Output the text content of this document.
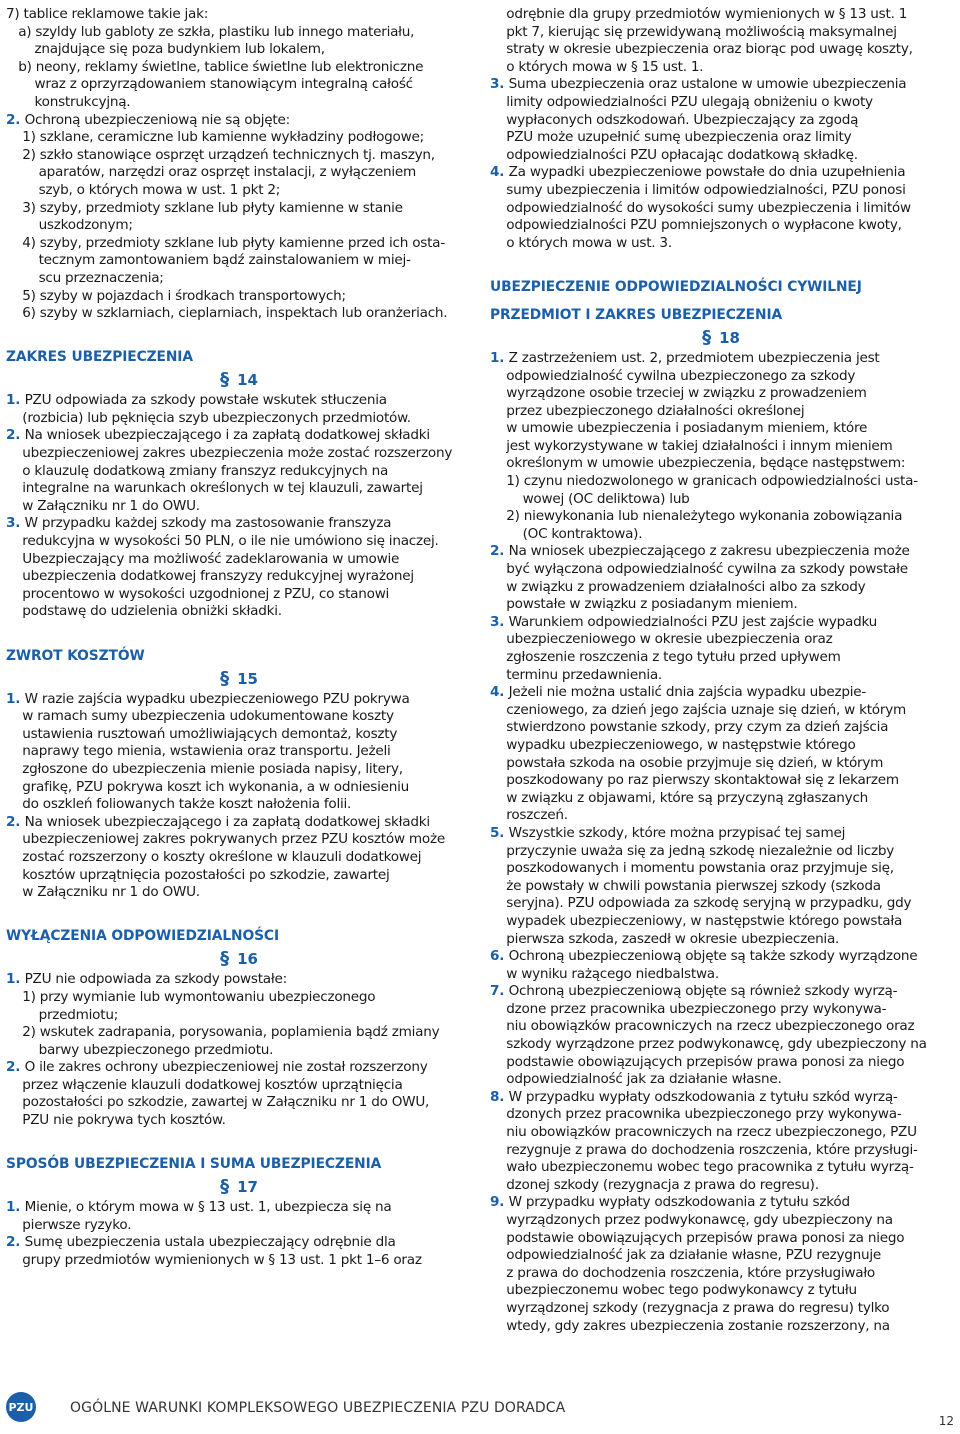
7) tablice reklamowe takie jak:
a) szyldy lub gabloty ze szkła, plastiku lub innego materiału,
znajdujące się poza budynkiem lub lokalem,
b) neony, reklamy świetlne, tablice świetlne lub elektroniczne
wraz z oprzyrządowaniem stanowiącym integralną całość
konstrukcyjną.
2. Ochroną ubezpieczeniową nie są objęte:
1) szklane, ceramiczne lub kamienne wykładziny podłogowe;
2) szkło stanowiące osprzęt urządzeń technicznych tj. maszyn,
aparatów, narzędzi oraz osprzęt instalacji, z wyłączeniem
szyb, o których mowa w ust. 1 pkt 2;
3) szyby, przedmioty szklane lub płyty kamienne w stanie
uszkodzonym;
4) szyby, przedmioty szklane lub płyty kamienne przed ich osta-
tecznym zamontowaniem bądź zainstalowaniem w miej-
scu przeznaczenia;
5) szyby w pojazdach i środkach transportowych;
6) szyby w szklarniach, cieplarniach, inspektach lub oranżeriach.
ZAKRES UBEZPIECZENIA
§ 14
1. PZU odpowiada za szkody powstałe wskutek stłuczenia
(rozbicia) lub pęknięcia szyb ubezpieczonych przedmiotów.
2. Na wniosek ubezpieczającego i za zapłatą dodatkowej składki
ubezpieczeniowej zakres ubezpieczenia może zostać rozszerzony
o klauzulę dodatkową zmiany franszyz redukcyjnych na
integralne na warunkach określonych w tej klauzuli, zawartej
w Załączniku nr 1 do OWU.
3. W przypadku każdej szkody ma zastosowanie franszyza
redukcyjna w wysokości 50 PLN, o ile nie umówiono się inaczej.
Ubezpieczający ma możliwość zadeklarowania w umowie
ubezpieczenia dodatkowej franszyzy redukcyjnej wyrażonej
procentowo w wysokości uzgodnionej z PZU, co stanowi
podstawę do udzielenia obniżki składki.
ZWROT KOSZTÓW
§ 15
1. W razie zajścia wypadku ubezpieczeniowego PZU pokrywa
w ramach sumy ubezpieczenia udokumentowane koszty
ustawienia rusztowań umożliwiających demontaż, koszty
naprawy tego mienia, wstawienia oraz transportu. Jeżeli
zgłoszone do ubezpieczenia mienie posiada napisy, litery,
grafikę, PZU pokrywa koszt ich wykonania, a w odniesieniu
do oszkleń foliowanych także koszt nałożenia folii.
2. Na wniosek ubezpieczającego i za zapłatą dodatkowej składki
ubezpieczeniowej zakres pokrywanych przez PZU kosztów może
zostać rozszerzony o koszty określone w klauzuli dodatkowej
kosztów uprzątnięcia pozostałości po szkodzie, zawartej
w Załączniku nr 1 do OWU.
WYŁĄCZENIA ODPOWIEDZIALNOŚCI
§ 16
1. PZU nie odpowiada za szkody powstałe:
1) przy wymianie lub wymontowaniu ubezpieczonego
przedmiotu;
2) wskutek zadrapania, porysowania, poplamienia bądź zmiany
barwy ubezpieczonego przedmiotu.
2. O ile zakres ochrony ubezpieczeniowej nie został rozszerzony
przez włączenie klauzuli dodatkowej kosztów uprzątnięcia
pozostałości po szkodzie, zawartej w Załączniku nr 1 do OWU,
PZU nie pokrywa tych kosztów.
SPOSÓB UBEZPIECZENIA I SUMA UBEZPIECZENIA
§ 17
1. Mienie, o którym mowa w § 13 ust. 1, ubezpiecza się na
pierwsze ryzyko.
2. Sumę ubezpieczenia ustala ubezpieczający odrębnie dla
grupy przedmiotów wymienionych w § 13 ust. 1 pkt 1–6 oraz
odrębnie dla grupy przedmiotów wymienionych w § 13 ust. 1
pkt 7, kierując się przewidywaną możliwością maksymalnej
straty w okresie ubezpieczenia oraz biorąc pod uwagę koszty,
o których mowa w § 15 ust. 1.
3. Suma ubezpieczenia oraz ustalone w umowie ubezpieczenia
limity odpowiedzialności PZU ulegają obniżeniu o kwoty
wypłaconych odszkodowań. Ubezpieczający za zgodą
PZU może uzupełnić sumę ubezpieczenia oraz limity
odpowiedzialności PZU opłacając dodatkową składkę.
4. Za wypadki ubezpieczeniowe powstałe do dnia uzupełnienia
sumy ubezpieczenia i limitów odpowiedzialności, PZU ponosi
odpowiedzialność do wysokości sumy ubezpieczenia i limitów
odpowiedzialności PZU pomniejszonych o wypłacone kwoty,
o których mowa w ust. 3.
UBEZPIECZENIE ODPOWIEDZIALNOŚCI CYWILNEJ
PRZEDMIOT I ZAKRES UBEZPIECZENIA
§ 18
1. Z zastrzeżeniem ust. 2, przedmiotem ubezpieczenia jest
odpowiedzialność cywilna ubezpieczonego za szkody
wyrządzone osobie trzeciej w związku z prowadzeniem
przez ubezpieczonego działalności określonej
w umowie ubezpieczenia i posiadanym mieniem, które
jest wykorzystywane w takiej działalności i innym mieniem
określonym w umowie ubezpieczenia, będące następstwem:
1) czynu niedozwolonego w granicach odpowiedzialności usta-
wowej (OC deliktowa) lub
2) niewykonania lub nienależytego wykonania zobowiązania
(OC kontraktowa).
2. Na wniosek ubezpieczającego z zakresu ubezpieczenia może
być wyłączona odpowiedzialność cywilna za szkody powstałe
w związku z prowadzeniem działalności albo za szkody
powstałe w związku z posiadanym mieniem.
3. Warunkiem odpowiedzialności PZU jest zajście wypadku
ubezpieczeniowego w okresie ubezpieczenia oraz
zgłoszenie roszczenia z tego tytułu przed upływem
terminu przedawnienia.
4. Jeżeli nie można ustalić dnia zajścia wypadku ubezpie-
czeniowego, za dzień jego zajścia uznaje się dzień, w którym
stwierdzono powstanie szkody, przy czym za dzień zajścia
wypadku ubezpieczeniowego, w następstwie którego
powstała szkoda na osobie przyjmuje się dzień, w którym
poszkodowany po raz pierwszy skontaktował się z lekarzem
w związku z objawami, które są przyczyną zgłaszanych
roszczeń.
5. Wszystkie szkody, które można przypisać tej samej
przyczynie uważa się za jedną szkodę niezależnie od liczby
poszkodowanych i momentu powstania oraz przyjmuje się,
że powstały w chwili powstania pierwszej szkody (szkoda
seryjna). PZU odpowiada za szkodę seryjną w przypadku, gdy
wypadek ubezpieczeniowy, w następstwie którego powstała
pierwsza szkoda, zaszedł w okresie ubezpieczenia.
6. Ochroną ubezpieczeniową objęte są także szkody wyrządzone
w wyniku rażącego niedbalstwa.
7. Ochroną ubezpieczeniową objęte są również szkody wyrzą-
dzone przez pracownika ubezpieczonego przy wykonywa-
niu obowiązków pracowniczych na rzecz ubezpieczonego oraz
szkody wyrządzone przez podwykonawcę, gdy ubezpieczony na
podstawie obowiązujących przepisów prawa ponosi za niego
odpowiedzialność jak za działanie własne.
8. W przypadku wypłaty odszkodowania z tytułu szkód wyrzą-
dzonych przez pracownika ubezpieczonego przy wykonywa-
niu obowiązków pracowniczych na rzecz ubezpieczonego, PZU
rezygnuje z prawa do dochodzenia roszczenia, które przysługi-
wało ubezpieczonemu wobec tego pracownika z tytułu wyrzą-
dzonej szkody (rezygnacja z prawa do regresu).
9. W przypadku wypłaty odszkodowania z tytułu szkód
wyrządzonych przez podwykonawcę, gdy ubezpieczony na
podstawie obowiązujących przepisów prawa ponosi za niego
odpowiedzialność jak za działanie własne, PZU rezygnuje
z prawa do dochodzenia roszczenia, które przysługiwało
ubezpieczonemu wobec tego podwykonawcy z tytułu
wyrządzonej szkody (rezygnacja z prawa do regresu) tylko
wtedy, gdy zakres ubezpieczenia zostanie rozszerzony, na
PZU	OGÓLNE WARUNKI KOMPLEKSOWEGO UBEZPIECZENIA PZU DORADCA
12
